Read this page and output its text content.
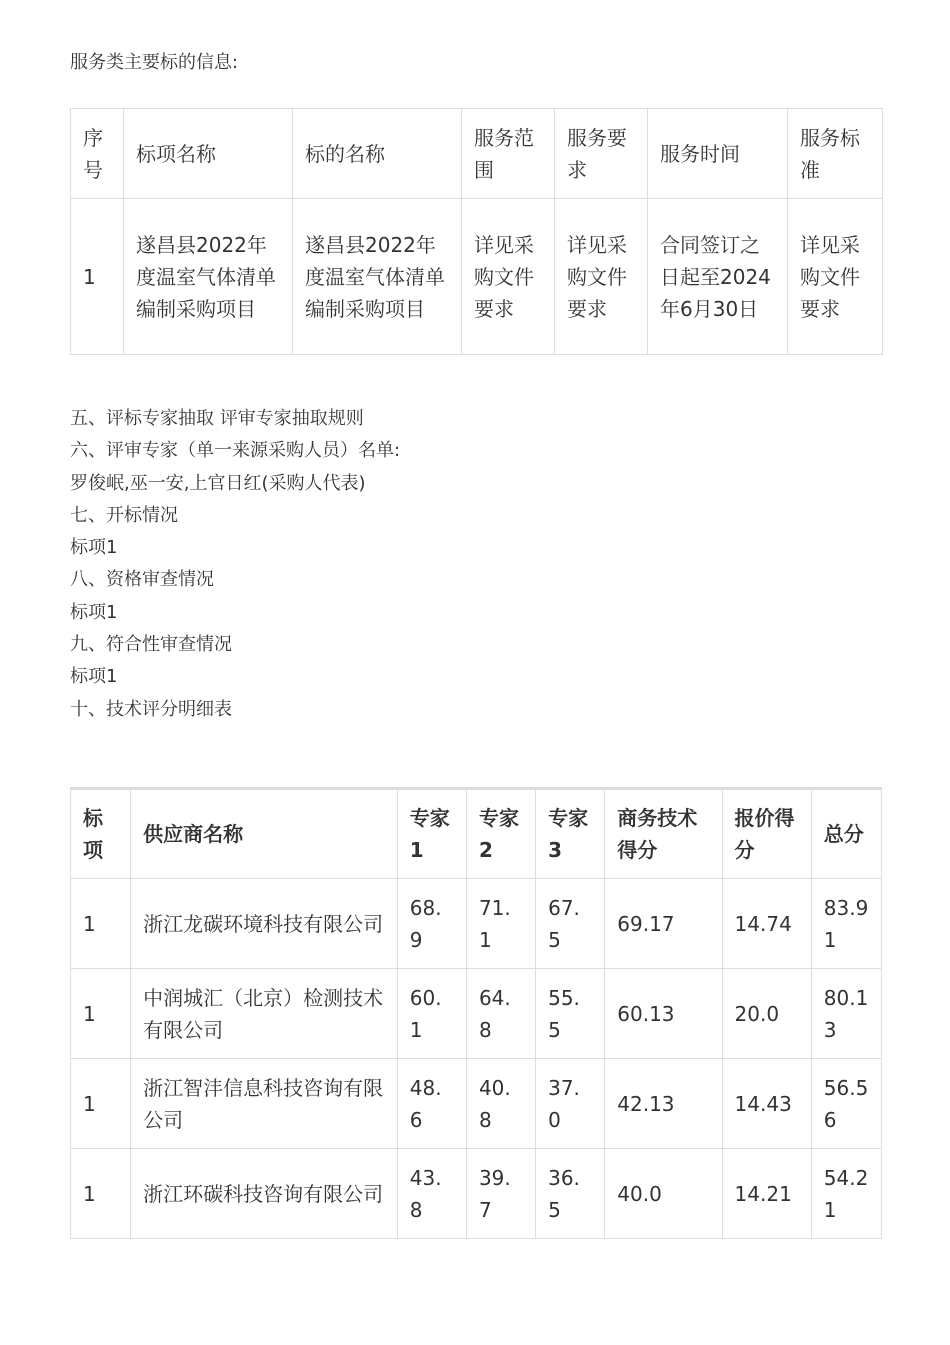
服务类主要标的信息:
序号	标项名称	标的名称	服务范围	服务要求	服务时间	服务标准
1	遂昌县2022年度温室气体清单编制采购项目	遂昌县2022年度温室气体清单编制采购项目	详见采购文件要求	详见采购文件要求	合同签订之日起至2024年6月30日	详见采购文件要求
五、评标专家抽取 评审专家抽取规则
六、评审专家（单一来源采购人员）名单:
罗俊岷,巫一安,上官日红(采购人代表)
七、开标情况
标项1
八、资格审查情况
标项1
九、符合性审查情况
标项1
十、技术评分明细表
标项	供应商名称	专家1	专家2	专家3	商务技术得分	报价得分	总分
1	浙江龙碳环境科技有限公司	68.9	71.1	67.5	69.17	14.74	83.91
1	中润城汇（北京）检测技术有限公司	60.1	64.8	55.5	60.13	20.0	80.13
1	浙江智沣信息科技咨询有限公司	48.6	40.8	37.0	42.13	14.43	56.56
1	浙江环碳科技咨询有限公司	43.8	39.7	36.5	40.0	14.21	54.21
